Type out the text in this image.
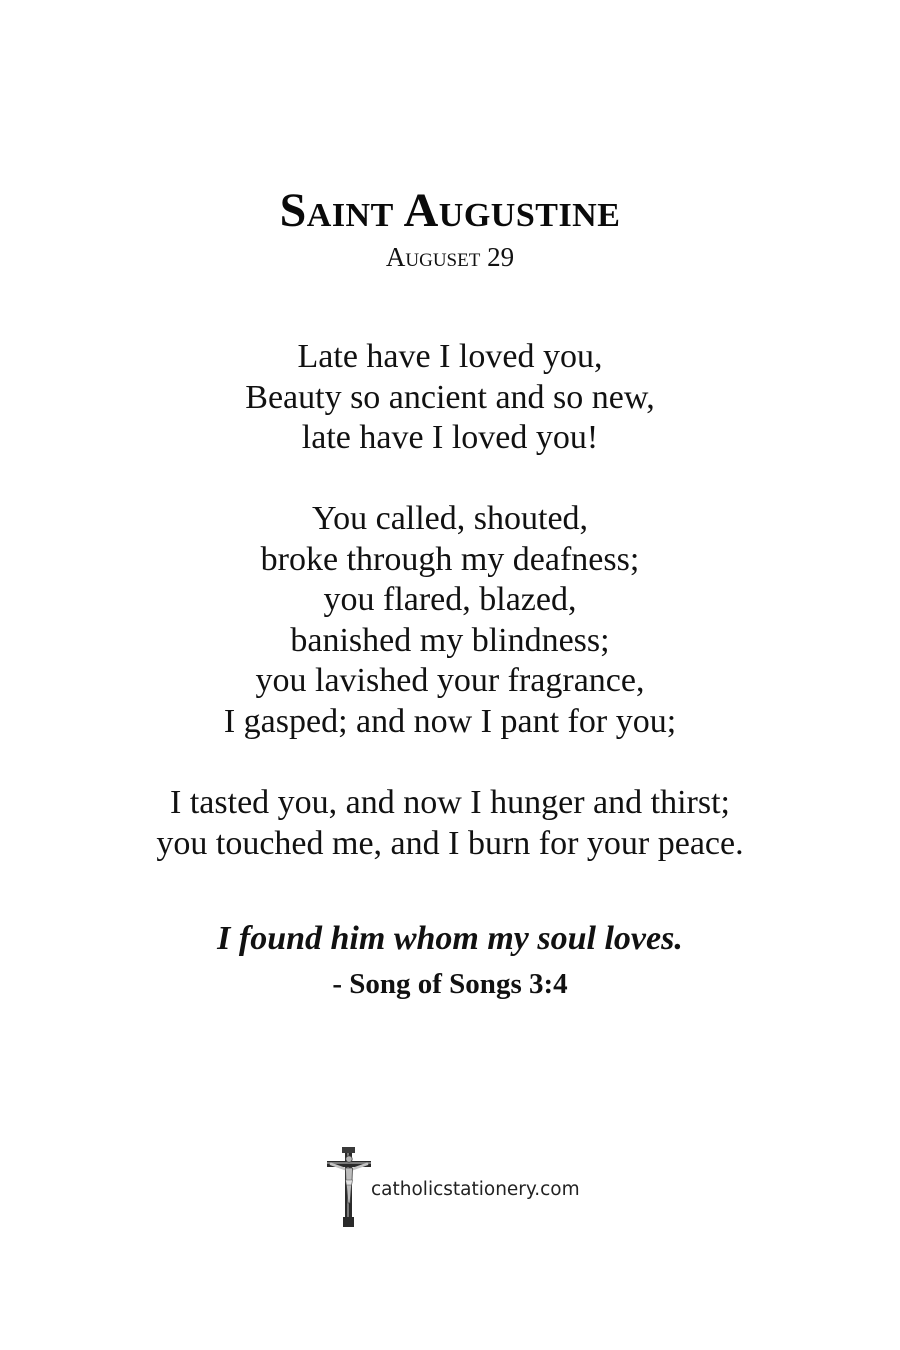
Saint Augustine
Auguset 29
Late have I loved you,
Beauty so ancient and so new,
late have I loved you!
You called, shouted,
broke through my deafness;
you flared, blazed,
banished my blindness;
you lavished your fragrance,
I gasped; and now I pant for you;
I tasted you, and now I hunger and thirst;
you touched me, and I burn for your peace.
I found him whom my soul loves.
- Song of Songs 3:4
catholicstationery.com
